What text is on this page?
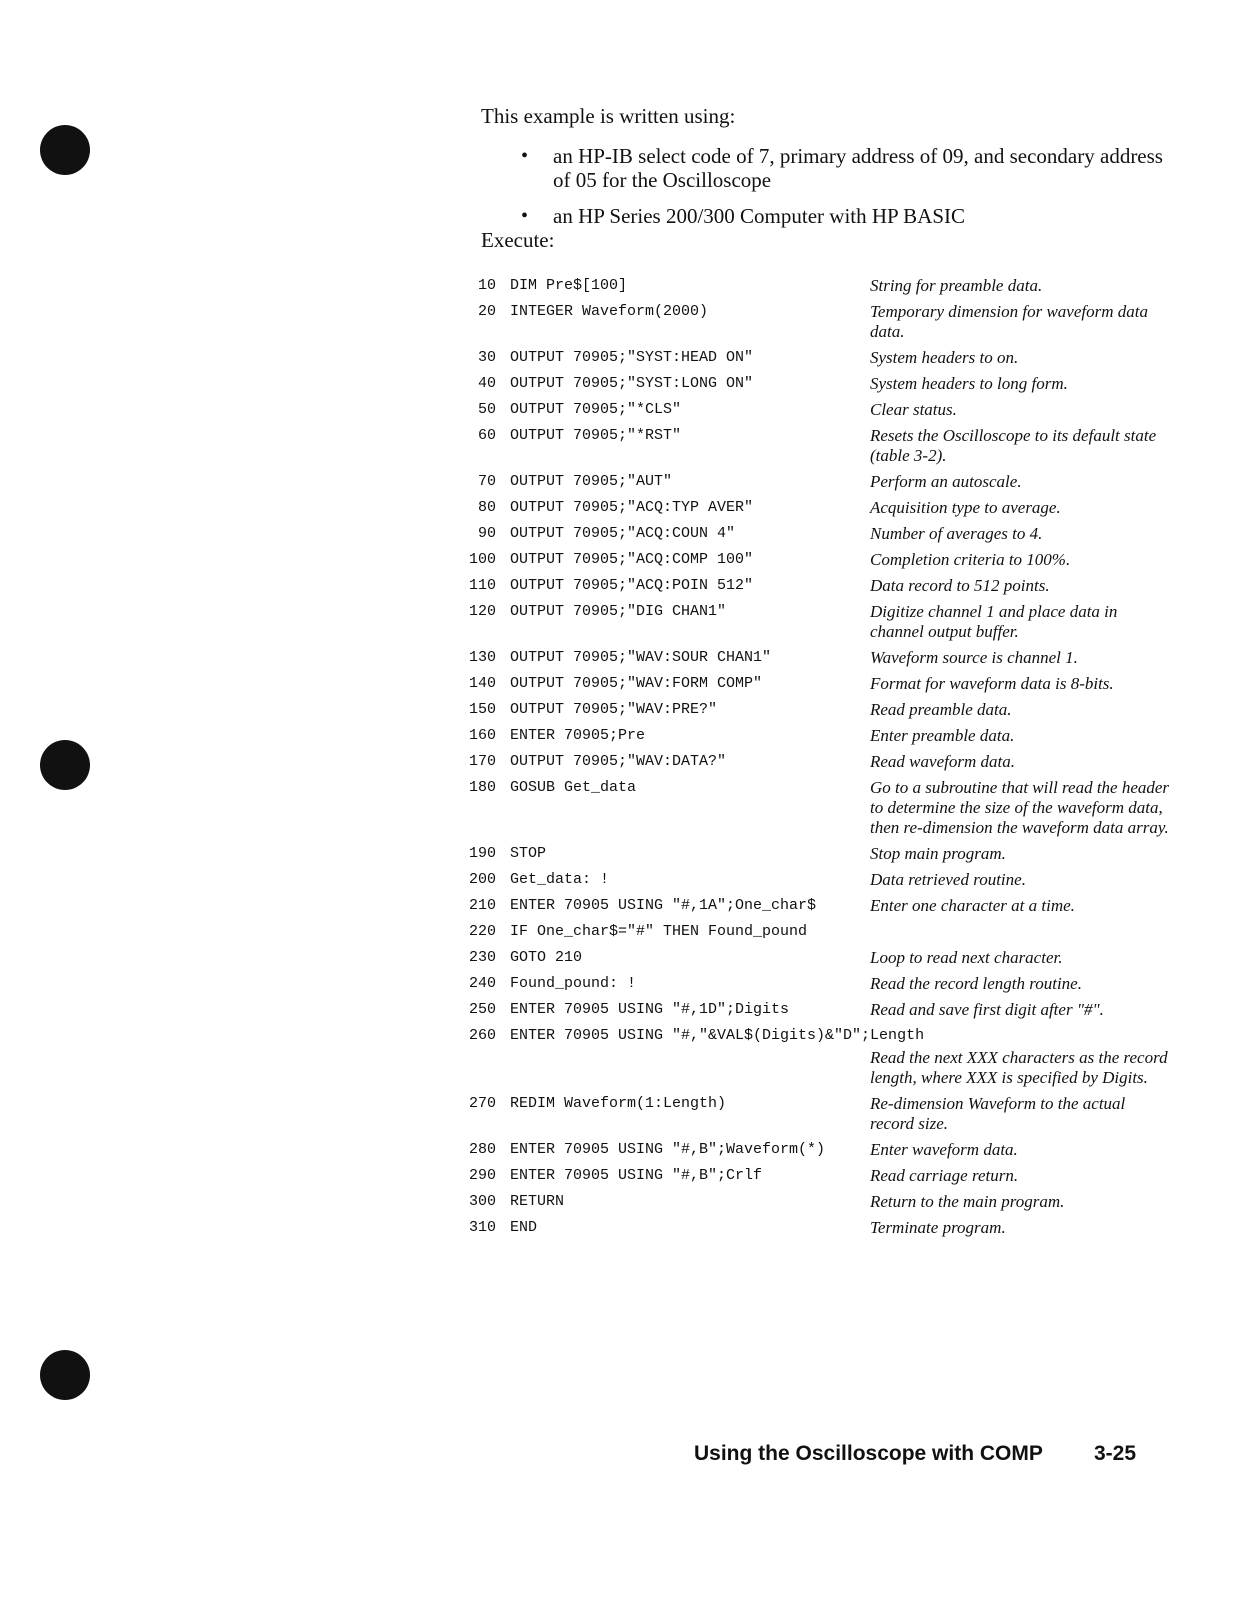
This example is written using:

• an HP-IB select code of 7, primary address of 09, and secondary address of 05 for the Oscilloscope
• an HP Series 200/300 Computer with HP BASIC

Execute:

10 DIM Pre$[100]	String for preamble data.
20 INTEGER Waveform(2000)	Temporary dimension for waveform data data.
30 OUTPUT 70905;"SYST:HEAD ON"	System headers to on.
40 OUTPUT 70905;"SYST:LONG ON"	System headers to long form.
50 OUTPUT 70905;"*CLS"	Clear status.
60 OUTPUT 70905;"*RST"	Resets the Oscilloscope to its default state (table 3-2).
70 OUTPUT 70905;"AUT"	Perform an autoscale.
80 OUTPUT 70905;"ACQ:TYP AVER"	Acquisition type to average.
90 OUTPUT 70905;"ACQ:COUN 4"	Number of averages to 4.
100 OUTPUT 70905;"ACQ:COMP 100"	Completion criteria to 100%.
110 OUTPUT 70905;"ACQ:POIN 512"	Data record to 512 points.
120 OUTPUT 70905;"DIG CHAN1"	Digitize channel 1 and place data in channel output buffer.
130 OUTPUT 70905;"WAV:SOUR CHAN1"	Waveform source is channel 1.
140 OUTPUT 70905;"WAV:FORM COMP"	Format for waveform data is 8-bits.
150 OUTPUT 70905;"WAV:PRE?"	Read preamble data.
160 ENTER 70905;Pre	Enter preamble data.
170 OUTPUT 70905;"WAV:DATA?"	Read waveform data.
180 GOSUB Get_data	Go to a subroutine that will read the header to determine the size of the waveform data, then re-dimension the waveform data array.
190 STOP	Stop main program.
200 Get_data: !	Data retrieved routine.
210 ENTER 70905 USING "#,1A";One_char$	Enter one character at a time.
220 IF One_char$="#" THEN Found_pound
230 GOTO 210	Loop to read next character.
240 Found_pound: !	Read the record length routine.
250 ENTER 70905 USING "#,1D";Digits	Read and save first digit after "#".
260 ENTER 70905 USING "#,"&VAL$(Digits)&"D";Length
Read the next XXX characters as the record length, where XXX is specified by Digits.
270 REDIM Waveform(1:Length)	Re-dimension Waveform to the actual record size.
280 ENTER 70905 USING "#,B";Waveform(*)	Enter waveform data.
290 ENTER 70905 USING "#,B";Crlf	Read carriage return.
300 RETURN	Return to the main program.
310 END	Terminate program.
Using the Oscilloscope with COMP 3-25
